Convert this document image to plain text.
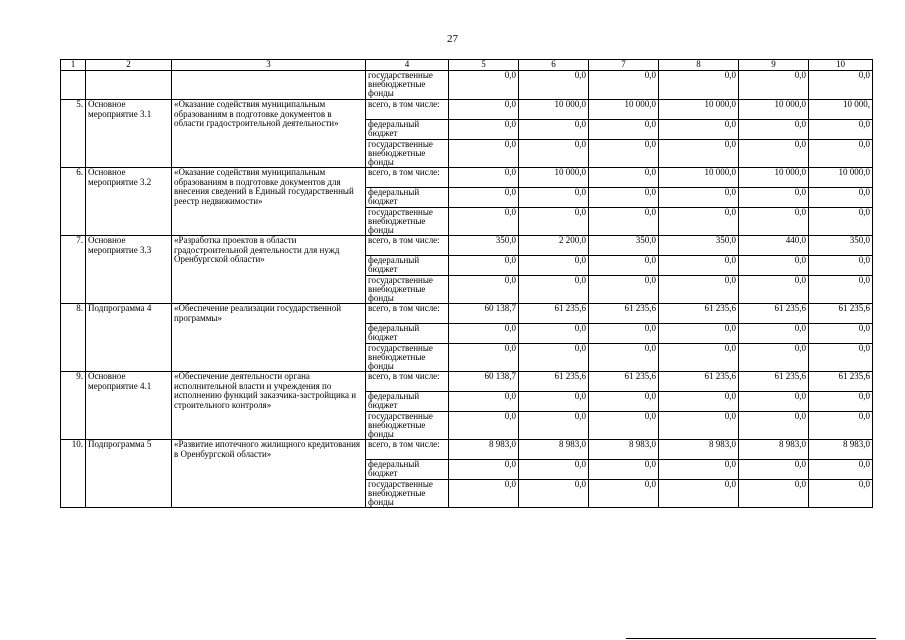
27
1	2	3	4	5	6	7	8	9	10
			государственные внебюджетные фонды	0,0	0,0	0,0	0,0	0,0	0,0
5.	Основное мероприятие 3.1	«Оказание содействия муниципальным образованиям в подготовке документов в области градостроительной деятельности»	всего, в том числе:	0,0	10 000,0	10 000,0	10 000,0	10 000,0	10 000,
			федеральный бюджет	0,0	0,0	0,0	0,0	0,0	0,0
			государственные внебюджетные фонды	0,0	0,0	0,0	0,0	0,0	0,0
6.	Основное мероприятие 3.2	«Оказание содействия муниципальным образованиям в подготовке документов для внесения сведений в Единый государственный реестр недвижимости»	всего, в том числе:	0,0	10 000,0	0,0	10 000,0	10 000,0	10 000,0
			федеральный бюджет	0,0	0,0	0,0	0,0	0,0	0,0
			государственные внебюджетные фонды	0,0	0,0	0,0	0,0	0,0	0,0
7.	Основное мероприятие 3.3	«Разработка проектов в области градостроительной деятельности для нужд Оренбургской области»	всего, в том числе:	350,0	2 200,0	350,0	350,0	440,0	350,0
			федеральный бюджет	0,0	0,0	0,0	0,0	0,0	0,0
			государственные внебюджетные фонды	0,0	0,0	0,0	0,0	0,0	0,0
8.	Подпрограмма 4	«Обеспечение реализации государственной программы»	всего, в том числе:	60 138,7	61 235,6	61 235,6	61 235,6	61 235,6	61 235,6
			федеральный бюджет	0,0	0,0	0,0	0,0	0,0	0,0
			государственные внебюджетные фонды	0,0	0,0	0,0	0,0	0,0	0,0
9.	Основное мероприятие 4.1	«Обеспечение деятельности органа исполнительной власти и учреждения по исполнению функций заказчика-застройщика и строительного контроля»	всего, в том числе:	60 138,7	61 235,6	61 235,6	61 235,6	61 235,6	61 235,6
			федеральный бюджет	0,0	0,0	0,0	0,0	0,0	0,0
			государственные внебюджетные фонды	0,0	0,0	0,0	0,0	0,0	0,0
10.	Подпрограмма 5	«Развитие ипотечного жилищного кредитования в Оренбургской области»	всего, в том числе:	8 983,0	8 983,0	8 983,0	8 983,0	8 983,0	8 983,0
			федеральный бюджет	0,0	0,0	0,0	0,0	0,0	0,0
			государственные внебюджетные фонды	0,0	0,0	0,0	0,0	0,0	0,0
